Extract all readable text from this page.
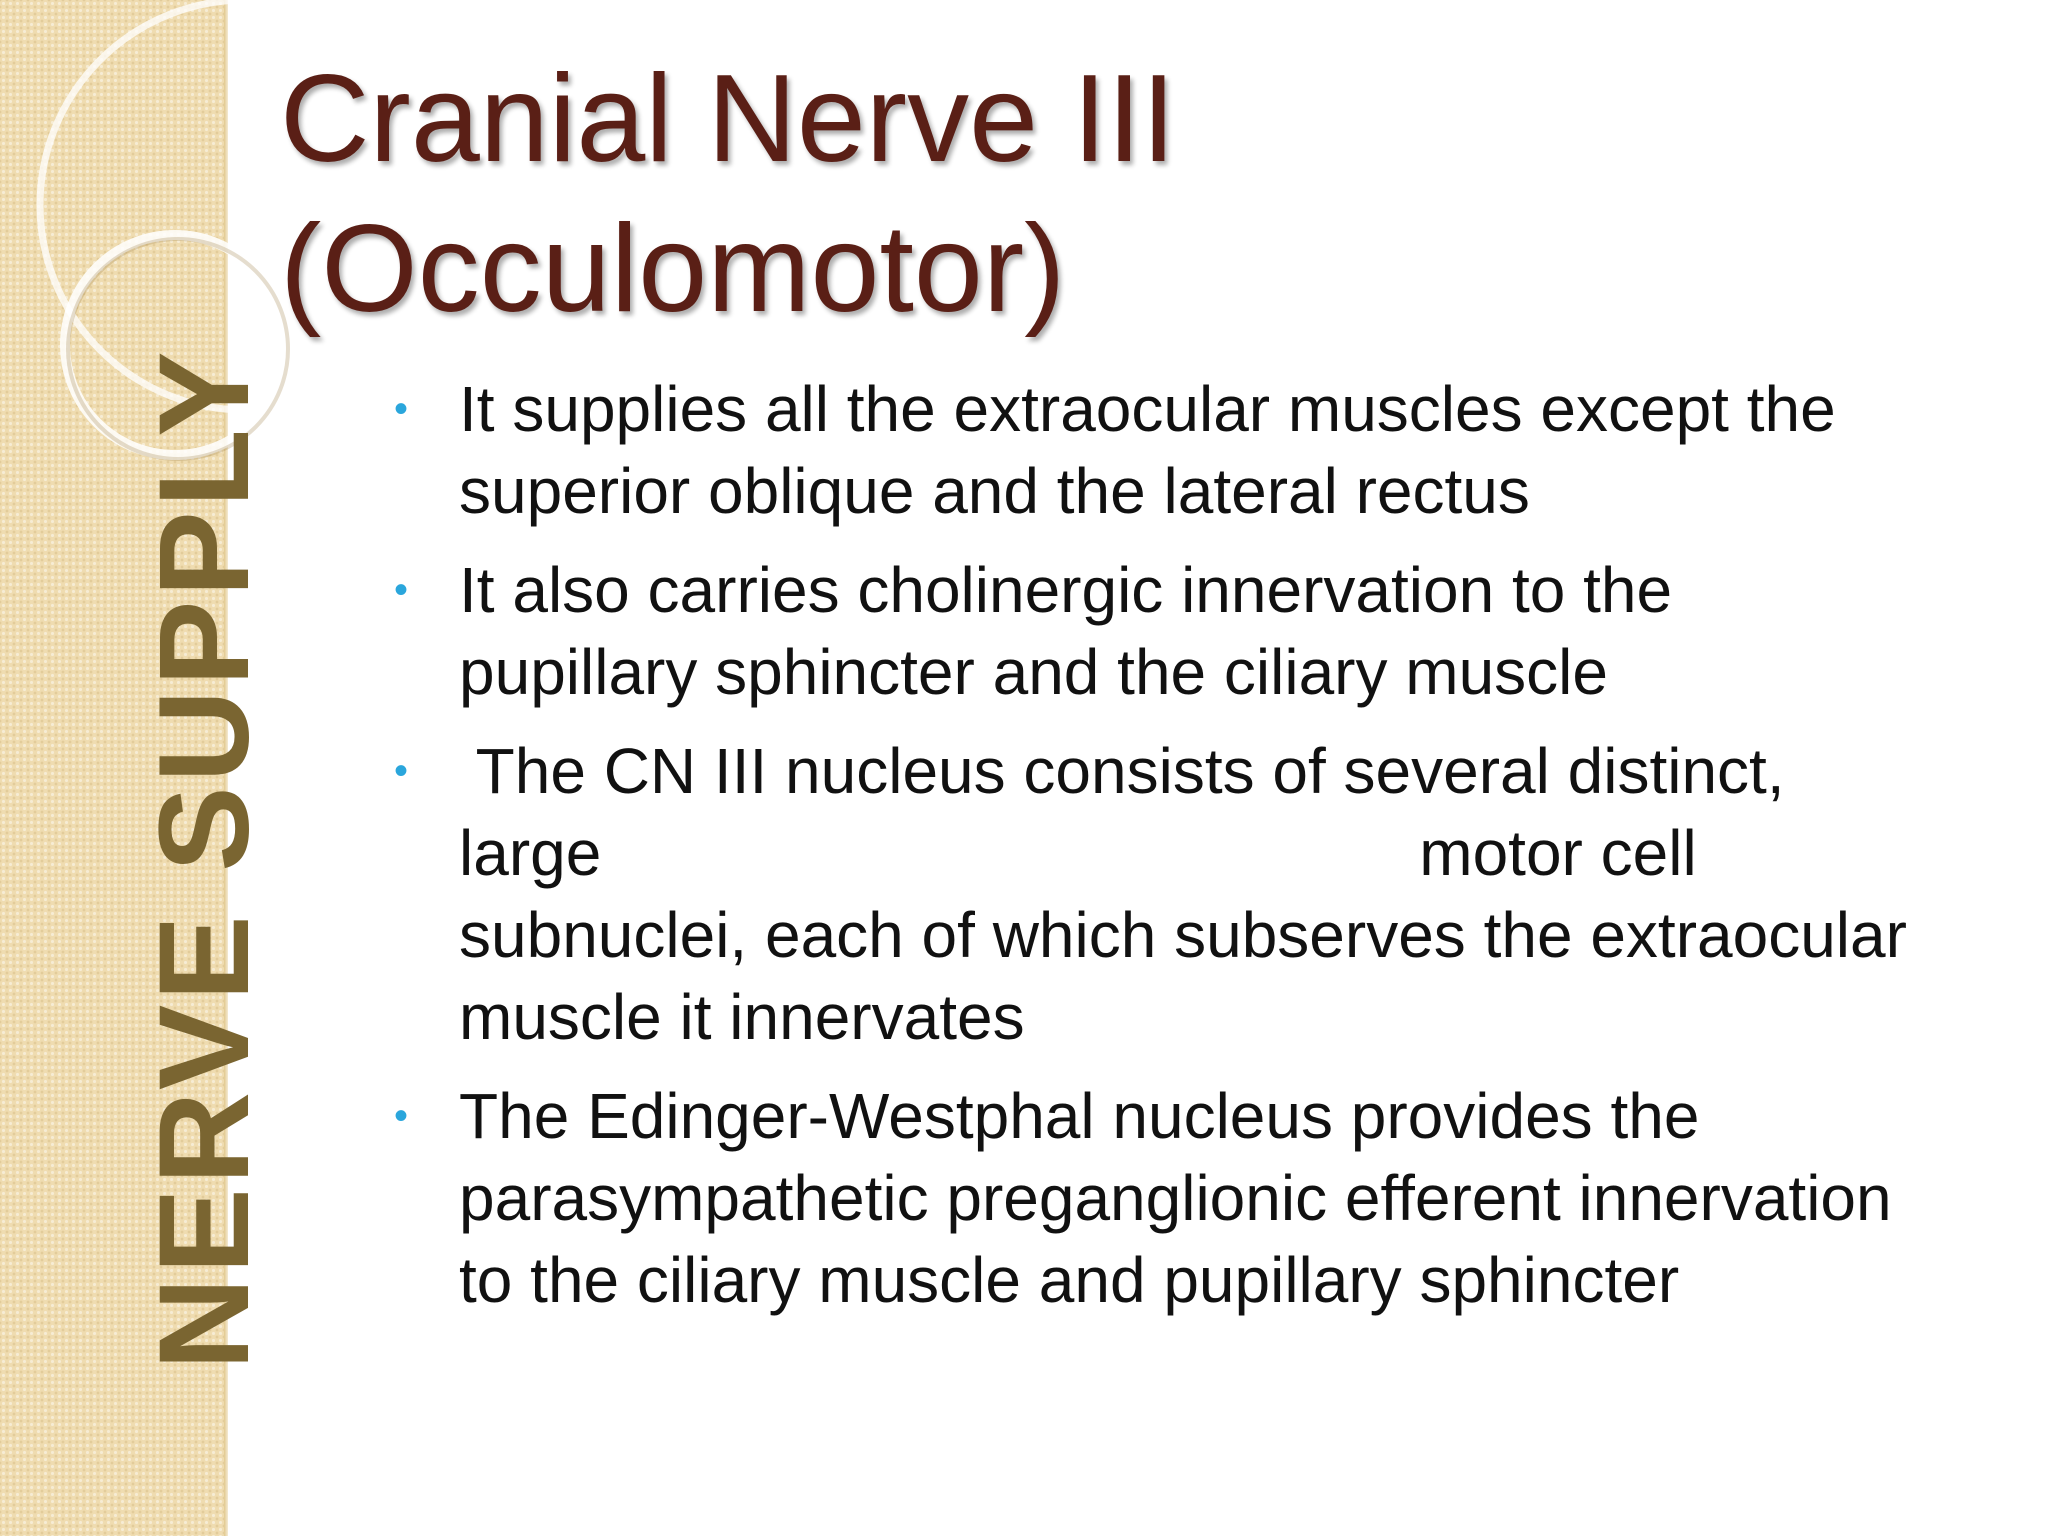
NERVE SUPPLY
Cranial Nerve III
(Occulomotor)
• It supplies all the extraocular muscles except the
superior oblique and the lateral rectus
• It also carries cholinergic innervation to the
pupillary sphincter and the ciliary muscle
• The CN III nucleus consists of several distinct,
large                                              motor cell
subnuclei, each of which subserves the extraocular
muscle it innervates
• The Edinger-Westphal nucleus provides the
parasympathetic preganglionic efferent innervation
to the ciliary muscle and pupillary sphincter
